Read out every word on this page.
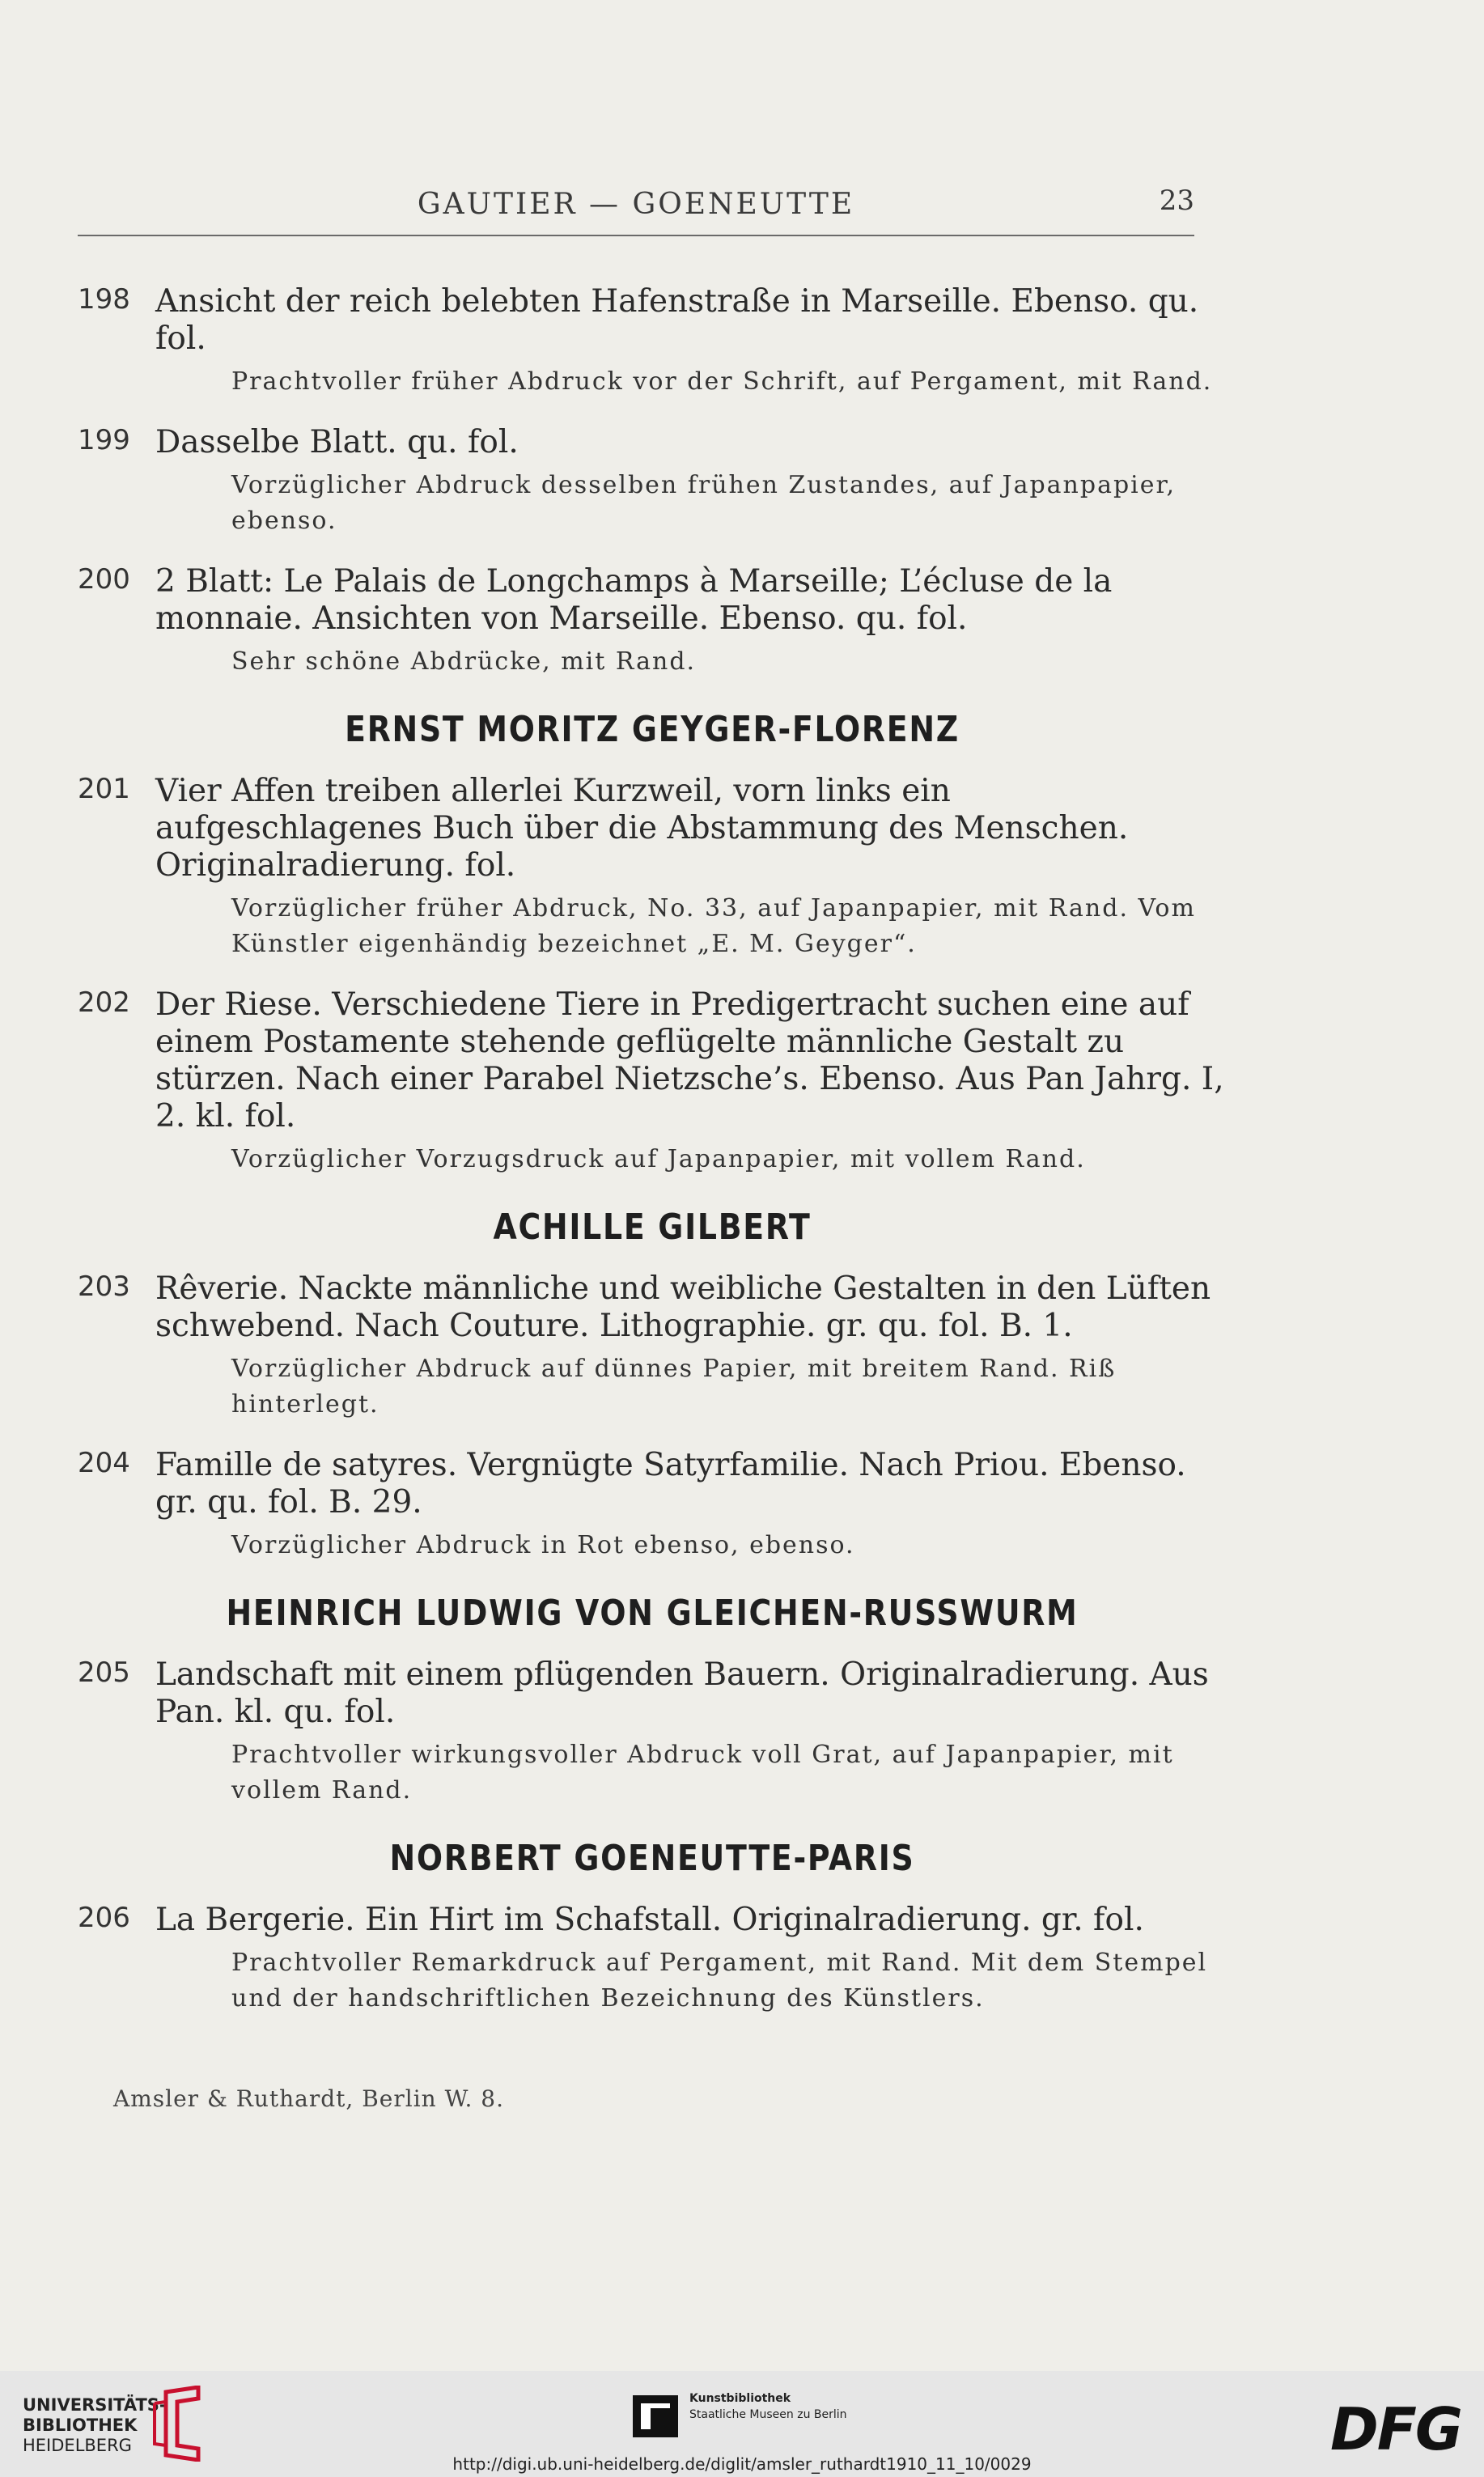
GAUTIER — GOENEUTTE	23
198 Ansicht der reich belebten Hafenstraße in Marseille. Ebenso. qu. fol.
Prachtvoller früher Abdruck vor der Schrift, auf Pergament, mit Rand.
199 Dasselbe Blatt. qu. fol.
Vorzüglicher Abdruck desselben frühen Zustandes, auf Japanpapier, ebenso.
200 2 Blatt: Le Palais de Longchamps à Marseille; L’écluse de la monnaie. Ansichten von Marseille. Ebenso. qu. fol.
Sehr schöne Abdrücke, mit Rand.
ERNST MORITZ GEYGER-FLORENZ
201 Vier Affen treiben allerlei Kurzweil, vorn links ein aufgeschlagenes Buch über die Abstammung des Menschen. Originalradierung. fol.
Vorzüglicher früher Abdruck, No. 33, auf Japanpapier, mit Rand. Vom Künstler eigenhändig bezeichnet „E. M. Geyger“.
202 Der Riese. Verschiedene Tiere in Predigertracht suchen eine auf einem Postamente stehende geflügelte männliche Gestalt zu stürzen. Nach einer Parabel Nietzsche’s. Ebenso. Aus Pan Jahrg. I, 2. kl. fol.
Vorzüglicher Vorzugsdruck auf Japanpapier, mit vollem Rand.
ACHILLE GILBERT
203 Rêverie. Nackte männliche und weibliche Gestalten in den Lüften schwebend. Nach Couture. Lithographie. gr. qu. fol. B. 1.
Vorzüglicher Abdruck auf dünnes Papier, mit breitem Rand. Riß hinterlegt.
204 Famille de satyres. Vergnügte Satyrfamilie. Nach Priou. Ebenso. gr. qu. fol. B. 29.
Vorzüglicher Abdruck in Rot ebenso, ebenso.
HEINRICH LUDWIG VON GLEICHEN-RUSSWURM
205 Landschaft mit einem pflügenden Bauern. Originalradierung. Aus Pan. kl. qu. fol.
Prachtvoller wirkungsvoller Abdruck voll Grat, auf Japanpapier, mit vollem Rand.
NORBERT GOENEUTTE-PARIS
206 La Bergerie. Ein Hirt im Schafstall. Originalradierung. gr. fol.
Prachtvoller Remarkdruck auf Pergament, mit Rand. Mit dem Stempel und der handschriftlichen Bezeichnung des Künstlers.
Amsler & Ruthardt, Berlin W. 8.
UNIVERSITÄTS-
BIBLIOTHEK
HEIDELBERG
Kunstbibliothek
Staatliche Museen zu Berlin	DFG
http://digi.ub.uni-heidelberg.de/diglit/amsler_ruthardt1910_11_10/0029
